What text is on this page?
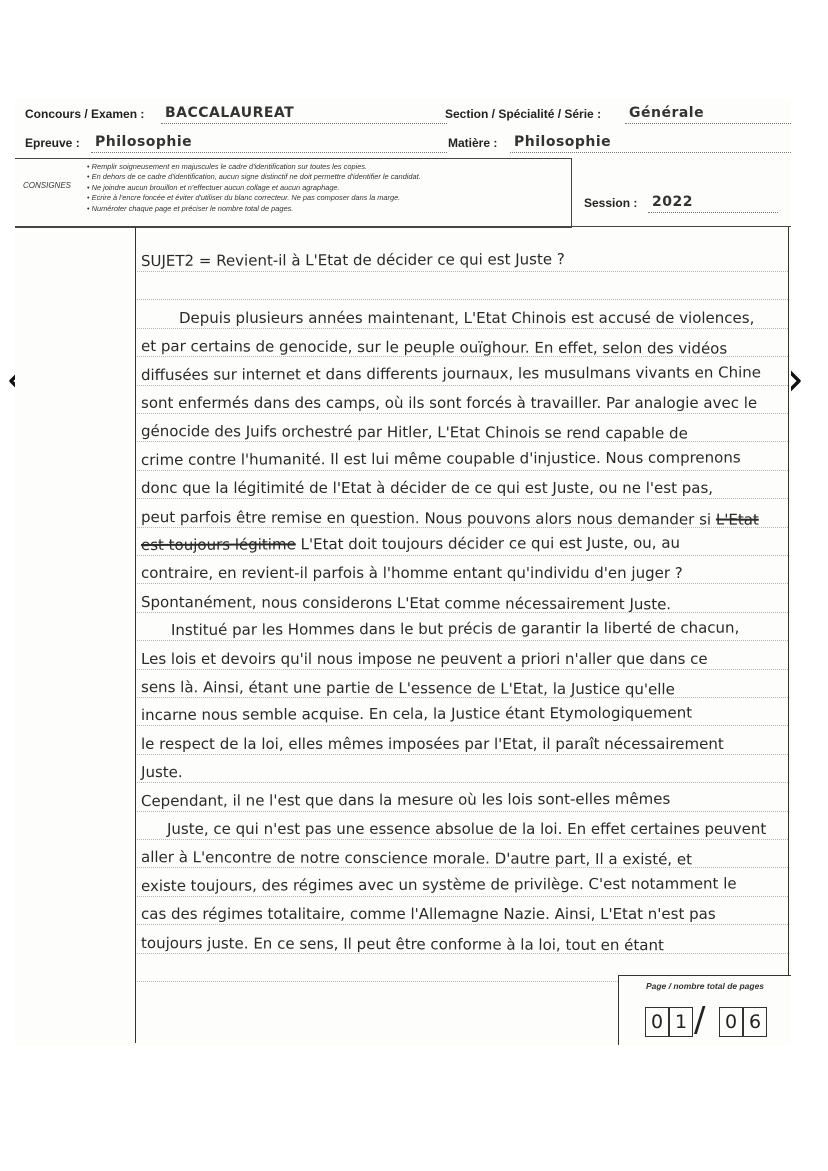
Concours / Examen : BACCALAUREAT	Section / Spécialité / Série : Générale
Epreuve : Philosophie	Matière : Philosophie
CONSIGNES
• Remplir soigneusement en majuscules le cadre d'identification sur toutes les copies.
• En dehors de ce cadre d'identification, aucun signe distinctif ne doit permettre d'identifier le candidat.
• Ne joindre aucun brouillon et n'effectuer aucun collage et aucun agraphage.
• Ecrire à l'encre foncée et éviter d'utiliser du blanc correcteur. Ne pas composer dans la marge.
• Numéroter chaque page et préciser le nombre total de pages.	Session : 2022
SUJET2 = Revient-il à L'Etat de décider ce qui est Juste ?
Depuis plusieurs années maintenant, L'Etat Chinois est accusé de violences,
et par certains de genocide, sur le peuple ouïghour. En effet, selon des vidéos
diffusées sur internet et dans differents journaux, les musulmans vivants en Chine
sont enfermés dans des camps, où ils sont forcés à travailler. Par analogie avec le
génocide des Juifs orchestré par Hitler, L'Etat Chinois se rend capable de
crime contre l'humanité. Il est lui même coupable d'injustice. Nous comprenons
donc que la légitimité de l'Etat à décider de ce qui est Juste, ou ne l'est pas,
peut parfois être remise en question. Nous pouvons alors nous demander si L'Etat
est toujours légitime L'Etat doit toujours décider ce qui est Juste, ou, au
contraire, en revient-il parfois à l'homme entant qu'individu d'en juger ?
Spontanément, nous considerons L'Etat comme nécessairement Juste.
Institué par les Hommes dans le but précis de garantir la liberté de chacun,
Les lois et devoirs qu'il nous impose ne peuvent a priori n'aller que dans ce
sens là. Ainsi, étant une partie de L'essence de L'Etat, la Justice qu'elle
incarne nous semble acquise. En cela, la Justice étant Etymologiquement
le respect de la loi, elles mêmes imposées par l'Etat, il paraît nécessairement
Juste.
Cependant, il ne l'est que dans la mesure où les lois sont-elles mêmes
Juste, ce qui n'est pas une essence absolue de la loi. En effet certaines peuvent
aller à L'encontre de notre conscience morale. D'autre part, Il a existé, et
existe toujours, des régimes avec un système de privilège. C'est notamment le
cas des régimes totalitaire, comme l'Allemagne Nazie. Ainsi, L'Etat n'est pas
toujours juste. En ce sens, Il peut être conforme à la loi, tout en étant
Page / nombre total de pages
0 1 /	0 6
